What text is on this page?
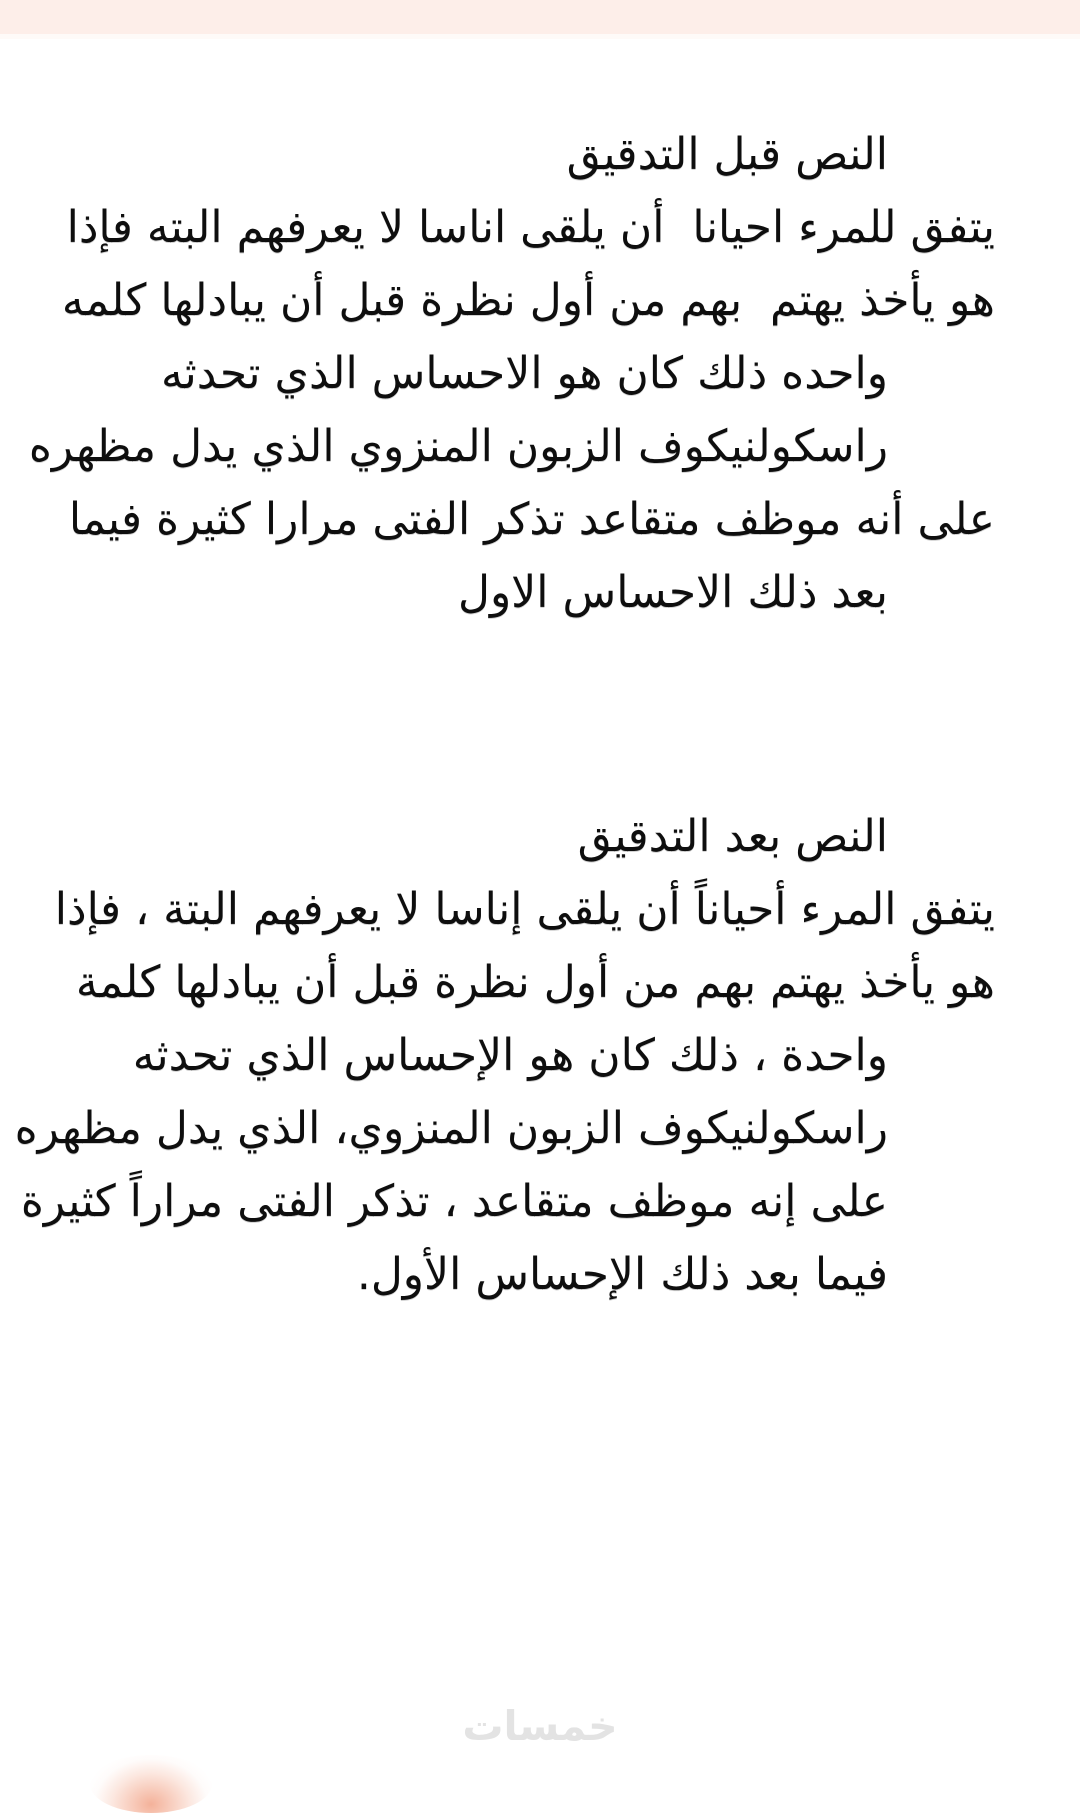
النص قبل التدقيق
يتفق للمرء احيانا  أن يلقى اناسا لا يعرفهم البته فإذا
هو يأخذ يهتم  بهم من أول نظرة قبل أن يبادلها كلمه
واحده ذلك كان هو الاحساس الذي تحدثه
راسكولنيكوف الزبون المنزوي الذي يدل مظهره
على أنه موظف متقاعد تذكر الفتى مرارا كثيرة فيما
بعد ذلك الاحساس الاول
النص بعد التدقيق
يتفق المرء أحياناً أن يلقى إناسا لا يعرفهم البتة ، فإذا
هو يأخذ يهتم بهم من أول نظرة قبل أن يبادلها كلمة
واحدة ، ذلك كان هو الإحساس الذي تحدثه
راسكولنيكوف الزبون المنزوي، الذي يدل مظهره
على إنه موظف متقاعد ، تذكر الفتى مراراً كثيرة
فيما بعد ذلك الإحساس الأول.
خمسات
